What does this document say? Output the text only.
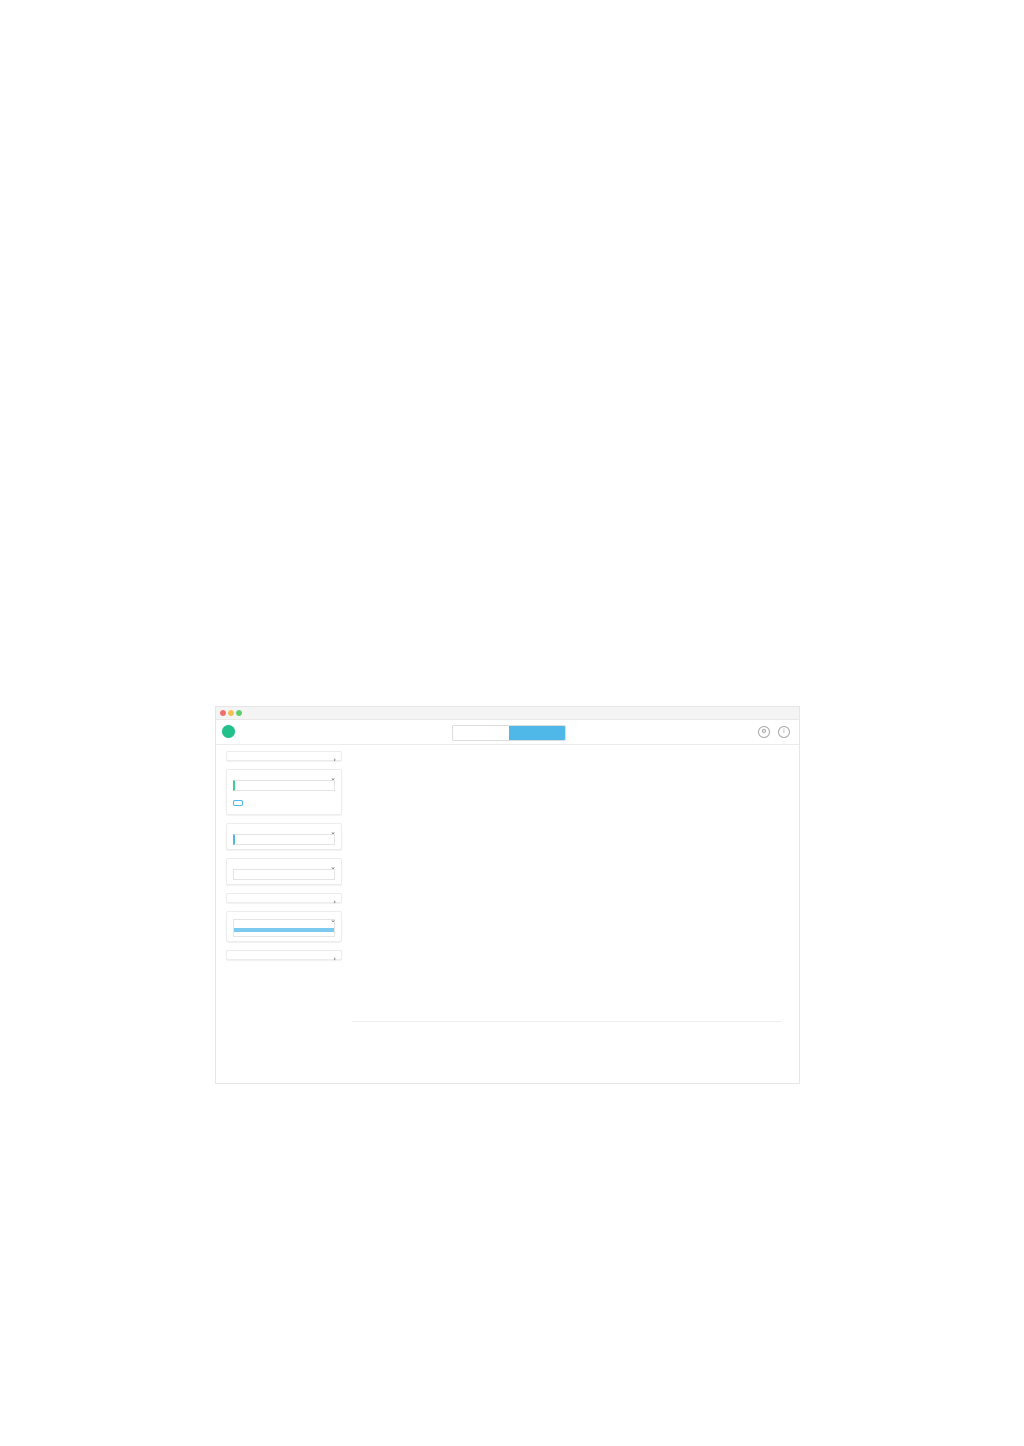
⚙	i
›
⌄
⌄
⌄
›
⌄
›
